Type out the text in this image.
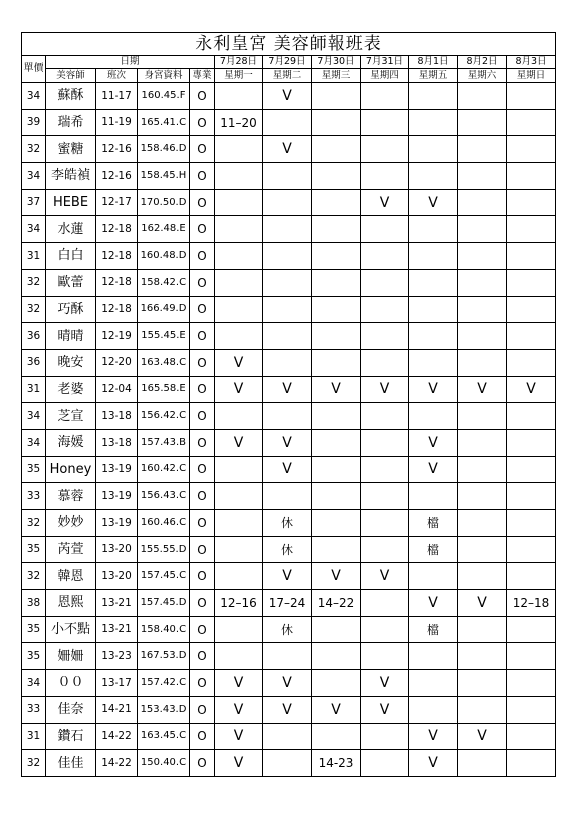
永利皇宮 美容師報班表											
單價	日期				7月28日	7月29日	7月30日	7月31日	8月1日	8月2日	8月3日
	美容師	班次	身宮資料	專業	星期一	星期二	星期三	星期四	星期五	星期六	星期日
34	蘇酥	11-17	160.45.F	O		V					
39	瑞希	11-19	165.41.C	O	11–20						
32	蜜糖	12-16	158.46.D	O		V					
34	李皓禎	12-16	158.45.H	O							
37	HEBE	12-17	170.50.D	O				V	V		
34	水蓮	12-18	162.48.E	O							
31	白白	12-18	160.48.D	O							
32	歐蕾	12-18	158.42.C	O							
32	巧酥	12-18	166.49.D	O							
36	晴晴	12-19	155.45.E	O							
36	晚安	12-20	163.48.C	O	V						
31	老婆	12-04	165.58.E	O	V	V	V	V	V	V	V
34	芝宣	13-18	156.42.C	O							
34	海媛	13-18	157.43.B	O	V	V			V		
35	Honey	13-19	160.42.C	O		V			V		
33	慕蓉	13-19	156.43.C	O							
32	妙妙	13-19	160.46.C	O		休			檔		
35	芮萱	13-20	155.55.D	O		休			檔		
32	韓恩	13-20	157.45.C	O		V	V	V			
38	恩熙	13-21	157.45.D	O	12–16	17–24	14–22		V	V	12–18
35	小不點	13-21	158.40.C	O		休			檔		
35	姍姍	13-23	167.53.D	O							
34	００	13-17	157.42.C	O	V	V		V			
33	佳奈	14-21	153.43.D	O	V	V	V	V			
31	鑽石	14-22	163.45.C	O	V				V	V	
32	佳佳	14-22	150.40.C	O	V		14-23		V		
